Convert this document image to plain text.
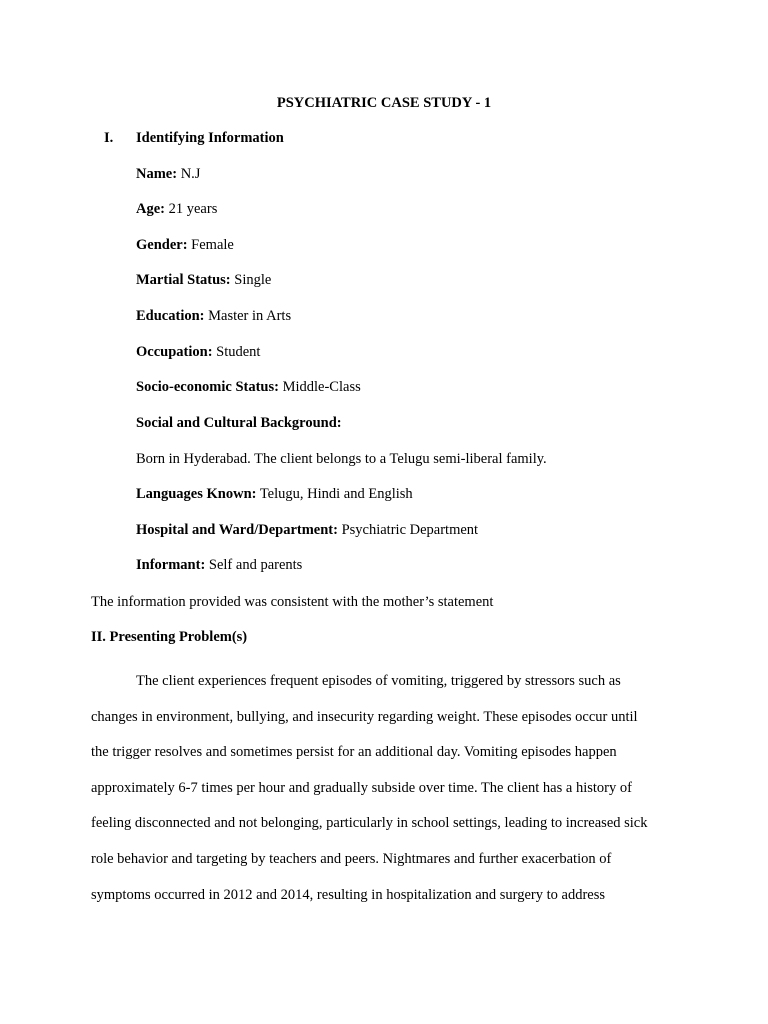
PSYCHIATRIC CASE STUDY - 1
I. Identifying Information
Name: N.J
Age: 21 years
Gender: Female
Martial Status: Single
Education: Master in Arts
Occupation: Student
Socio-economic Status: Middle-Class
Social and Cultural Background:
Born in Hyderabad. The client belongs to a Telugu semi-liberal family.
Languages Known: Telugu, Hindi and English
Hospital and Ward/Department: Psychiatric Department
Informant: Self and parents
The information provided was consistent with the mother’s statement
II. Presenting Problem(s)
The client experiences frequent episodes of vomiting, triggered by stressors such as
changes in environment, bullying, and insecurity regarding weight. These episodes occur until
the trigger resolves and sometimes persist for an additional day. Vomiting episodes happen
approximately 6-7 times per hour and gradually subside over time. The client has a history of
feeling disconnected and not belonging, particularly in school settings, leading to increased sick
role behavior and targeting by teachers and peers. Nightmares and further exacerbation of
symptoms occurred in 2012 and 2014, resulting in hospitalization and surgery to address
